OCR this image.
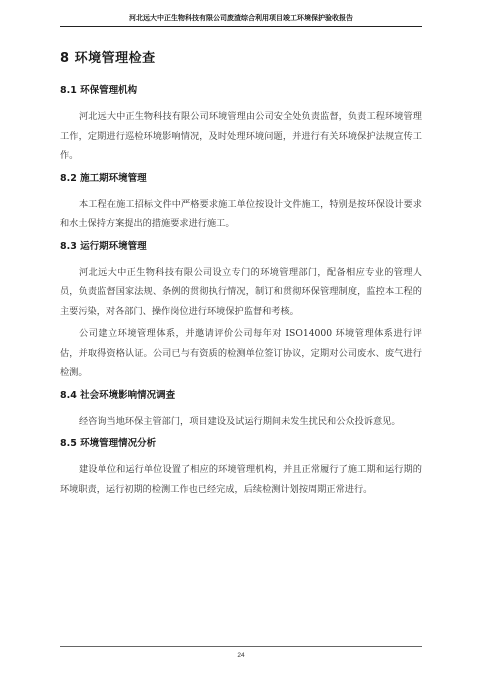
河北远大中正生物科技有限公司废渣综合利用项目竣工环境保护验收报告
8 环境管理检查
8.1 环保管理机构

河北远大中正生物科技有限公司环境管理由公司安全处负责监督，负责工程环境管理工作，定期进行巡检环境影响情况，及时处理环境问题，并进行有关环境保护法规宣传工作。

8.2 施工期环境管理

本工程在施工招标文件中严格要求施工单位按设计文件施工，特别是按环保设计要求和水土保持方案提出的措施要求进行施工。

8.3 运行期环境管理

河北远大中正生物科技有限公司设立专门的环境管理部门，配备相应专业的管理人员，负责监督国家法规、条例的贯彻执行情况，制订和贯彻环保管理制度，监控本工程的主要污染，对各部门、操作岗位进行环境保护监督和考核。

公司建立环境管理体系，并邀请评价公司每年对 ISO14000 环境管理体系进行评估，并取得资格认证。公司已与有资质的检测单位签订协议，定期对公司废水、废气进行检测。

8.4 社会环境影响情况调查

经咨询当地环保主管部门，项目建设及试运行期间未发生扰民和公众投诉意见。

8.5 环境管理情况分析

建设单位和运行单位设置了相应的环境管理机构，并且正常履行了施工期和运行期的环境职责，运行初期的检测工作也已经完成，后续检测计划按周期正常进行。

24
